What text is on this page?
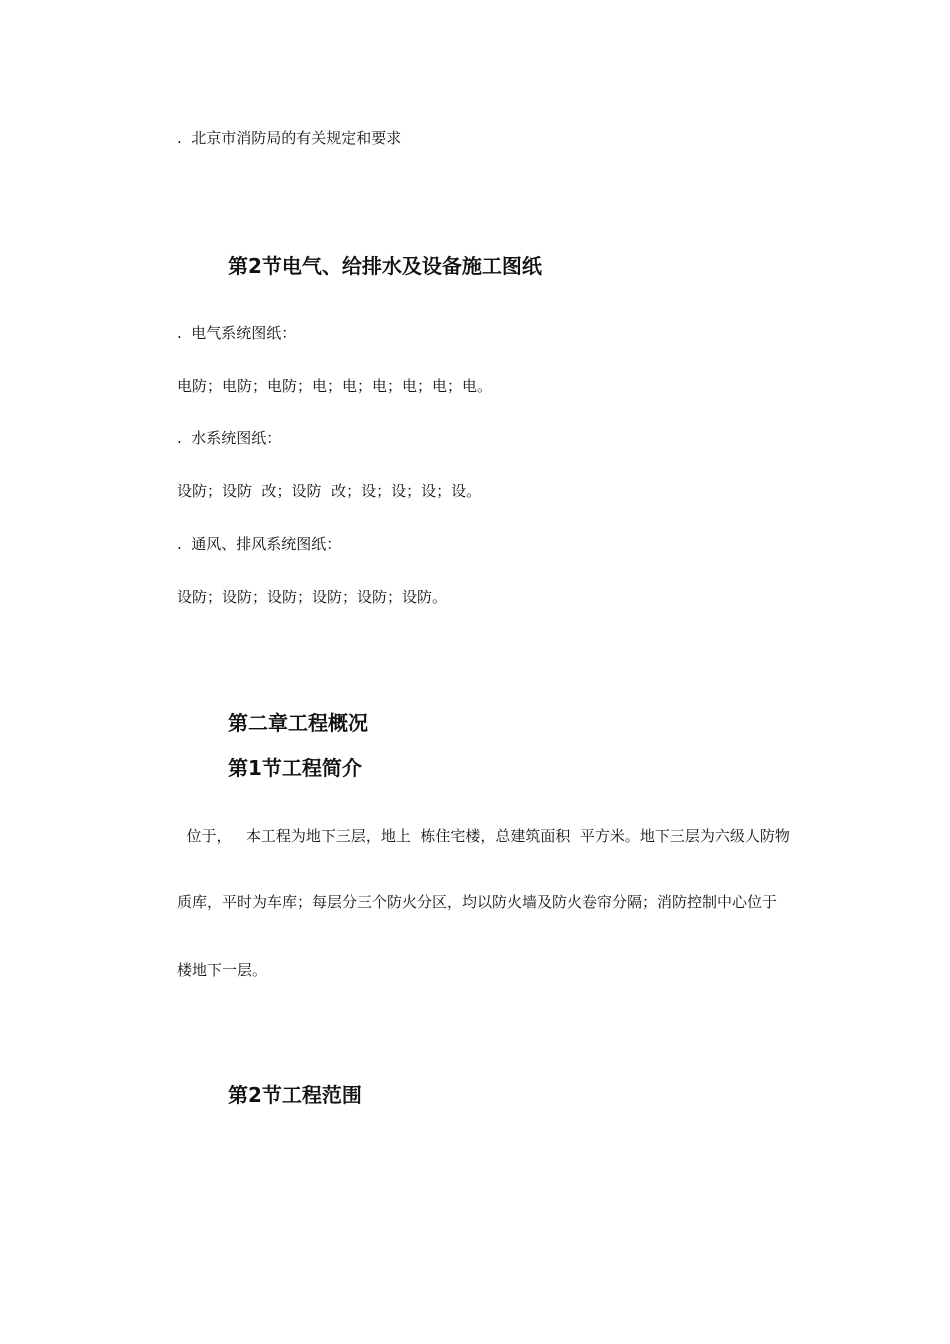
.  北京市消防局的有关规定和要求
第2节电气、给排水及设备施工图纸
.  电气系统图纸：
电防；电防；电防；电；电；电；电；电；电。
.  水系统图纸：
设防；设防  改；设防  改；设；设；设；设。
.  通风、排风系统图纸：
设防；设防；设防；设防；设防；设防。
第二章工程概况
第1节工程简介
位于，   本工程为地下三层，地上  栋住宅楼，总建筑面积  平方米。地下三层为六级人防物
质库，平时为车库；每层分三个防火分区，均以防火墙及防火卷帘分隔；消防控制中心位于
楼地下一层。
第2节工程范围
